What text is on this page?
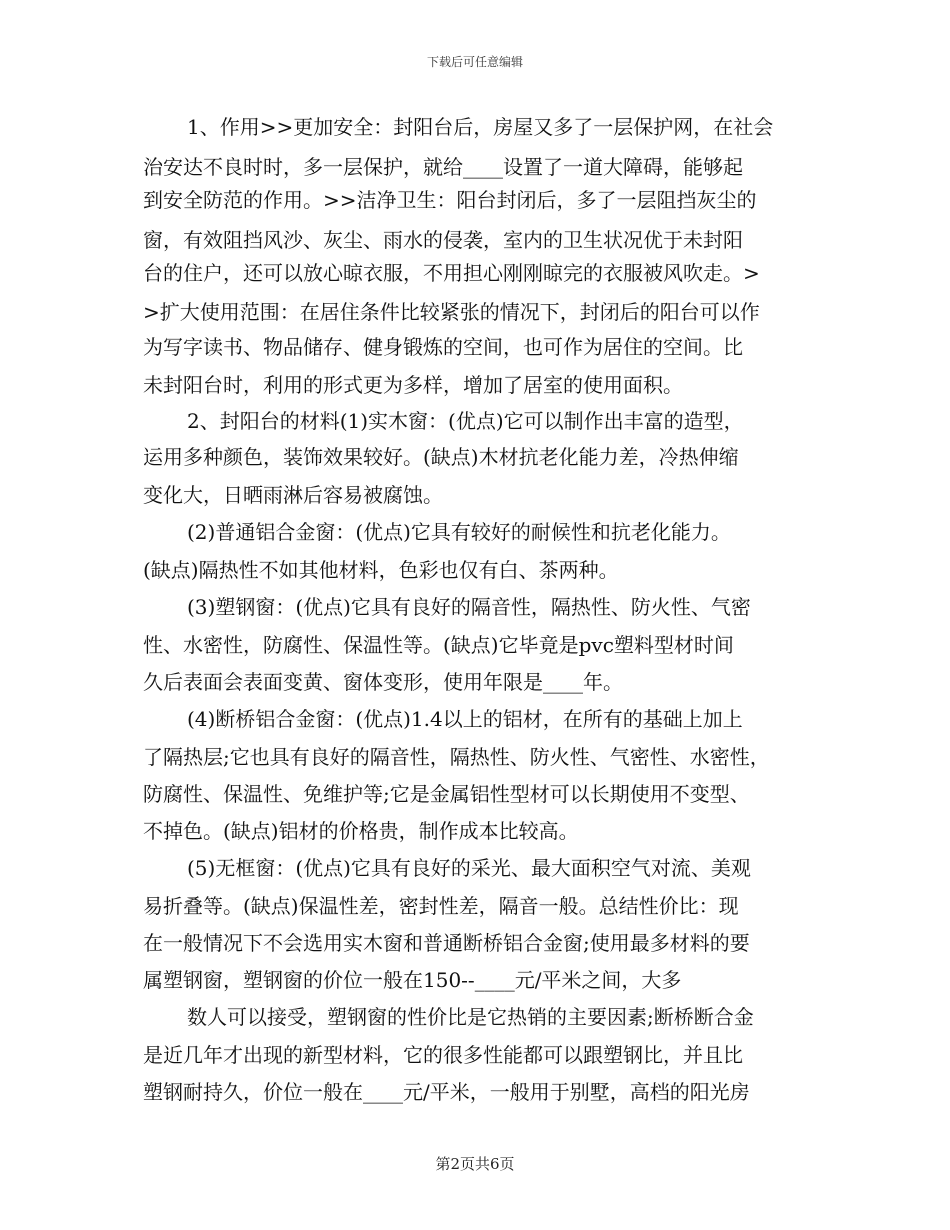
下载后可任意编辑
1、作用>>更加安全：封阳台后，房屋又多了一层保护网，在社会
治安达不良时时，多一层保护，就给____设置了一道大障碍，能够起
到安全防范的作用。>>洁净卫生：阳台封闭后，多了一层阻挡灰尘的
窗，有效阻挡风沙、灰尘、雨水的侵袭，室内的卫生状况优于未封阳
台的住户，还可以放心晾衣服，不用担心刚刚晾完的衣服被风吹走。>
>扩大使用范围：在居住条件比较紧张的情况下，封闭后的阳台可以作
为写字读书、物品储存、健身锻炼的空间，也可作为居住的空间。比
未封阳台时，利用的形式更为多样，增加了居室的使用面积。
2、封阳台的材料(1)实木窗：(优点)它可以制作出丰富的造型，
运用多种颜色，装饰效果较好。(缺点)木材抗老化能力差，冷热伸缩
变化大，日晒雨淋后容易被腐蚀。
(2)普通铝合金窗：(优点)它具有较好的耐候性和抗老化能力。
(缺点)隔热性不如其他材料，色彩也仅有白、茶两种。
(3)塑钢窗：(优点)它具有良好的隔音性，隔热性、防火性、气密
性、水密性，防腐性、保温性等。(缺点)它毕竟是pvc塑料型材时间
久后表面会表面变黄、窗体变形，使用年限是____年。
(4)断桥铝合金窗：(优点)1.4以上的铝材，在所有的基础上加上
了隔热层;它也具有良好的隔音性，隔热性、防火性、气密性、水密性，
防腐性、保温性、免维护等;它是金属铝性型材可以长期使用不变型、
不掉色。(缺点)铝材的价格贵，制作成本比较高。
(5)无框窗：(优点)它具有良好的采光、最大面积空气对流、美观
易折叠等。(缺点)保温性差，密封性差，隔音一般。总结性价比：现
在一般情况下不会选用实木窗和普通断桥铝合金窗;使用最多材料的要
属塑钢窗，塑钢窗的价位一般在150--____元/平米之间，大多
数人可以接受，塑钢窗的性价比是它热销的主要因素;断桥断合金
是近几年才出现的新型材料，它的很多性能都可以跟塑钢比，并且比
塑钢耐持久，价位一般在____元/平米，一般用于别墅，高档的阳光房
第2页共6页
